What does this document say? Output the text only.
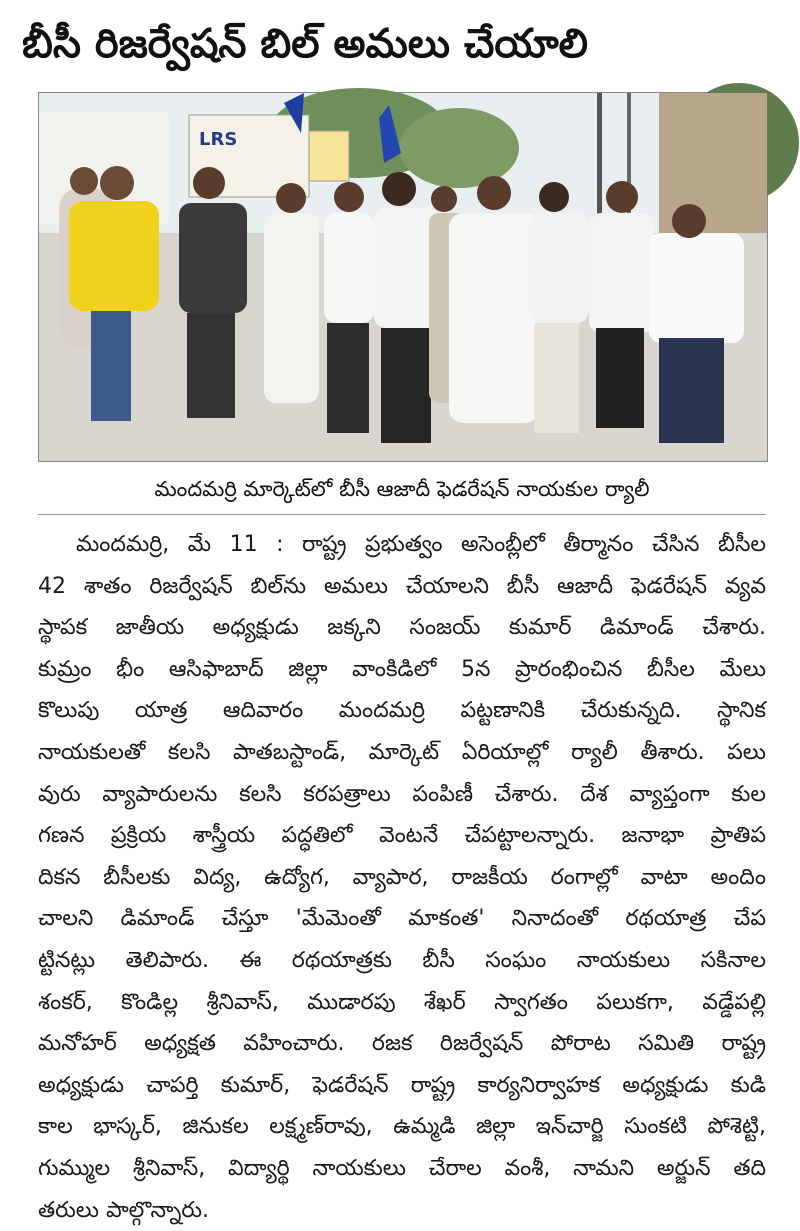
బీసీ రిజర్వేషన్ బిల్ అమలు చేయాలి
LRS
మందమర్రి మార్కెట్‌లో బీసీ ఆజాదీ ఫెడరేషన్ నాయకుల ర్యాలీ
మందమర్రి, మే 11 : రాష్ట్ర ప్రభుత్వం అసెంబ్లీలో తీర్మానం చేసిన బీసీల
42 శాతం రిజర్వేషన్ బిల్‌ను అమలు చేయాలని బీసీ ఆజాదీ ఫెడరేషన్ వ్యవ
స్థాపక జాతీయ అధ్యక్షుడు జక్కని సంజయ్ కుమార్ డిమాండ్ చేశారు.
కుమ్రం భీం ఆసిఫాబాద్ జిల్లా వాంకిడిలో 5న ప్రారంభించిన బీసీల మేలు
కొలుపు యాత్ర ఆదివారం మందమర్రి పట్టణానికి చేరుకున్నది. స్థానిక
నాయకులతో కలసి పాతబస్టాండ్, మార్కెట్ ఏరియాల్లో ర్యాలీ తీశారు. పలు
వురు వ్యాపారులను కలసి కరపత్రాలు పంపిణీ చేశారు. దేశ వ్యాప్తంగా కుల
గణన ప్రక్రియ శాస్త్రీయ పద్ధతిలో వెంటనే చేపట్టాలన్నారు. జనాభా ప్రాతిప
దికన బీసీలకు విద్య, ఉద్యోగ, వ్యాపార, రాజకీయ రంగాల్లో వాటా అందిం
చాలని డిమాండ్ చేస్తూ 'మేమెంతో మాకంత' నినాదంతో రథయాత్ర చేప
ట్టినట్లు తెలిపారు. ఈ రథయాత్రకు బీసీ సంఘం నాయకులు సకినాల
శంకర్, కొండిల్ల శ్రీనివాస్, ముడారపు శేఖర్ స్వాగతం పలుకగా, వడ్డేపల్లి
మనోహర్ అధ్యక్షత వహించారు. రజక రిజర్వేషన్ పోరాట సమితి రాష్ట్ర
అధ్యక్షుడు చాపర్తి కుమార్, ఫెడరేషన్ రాష్ట్ర కార్యనిర్వాహక అధ్యక్షుడు కుడి
కాల భాస్కర్, జినుకల లక్ష్మణ్‌రావు, ఉమ్మడి జిల్లా ఇన్‌చార్జి సుంకటి పోశెట్టి,
గుమ్ముల శ్రీనివాస్, విద్యార్థి నాయకులు చేరాల వంశీ, నామని అర్జున్ తది
తరులు పాల్గొన్నారు.
